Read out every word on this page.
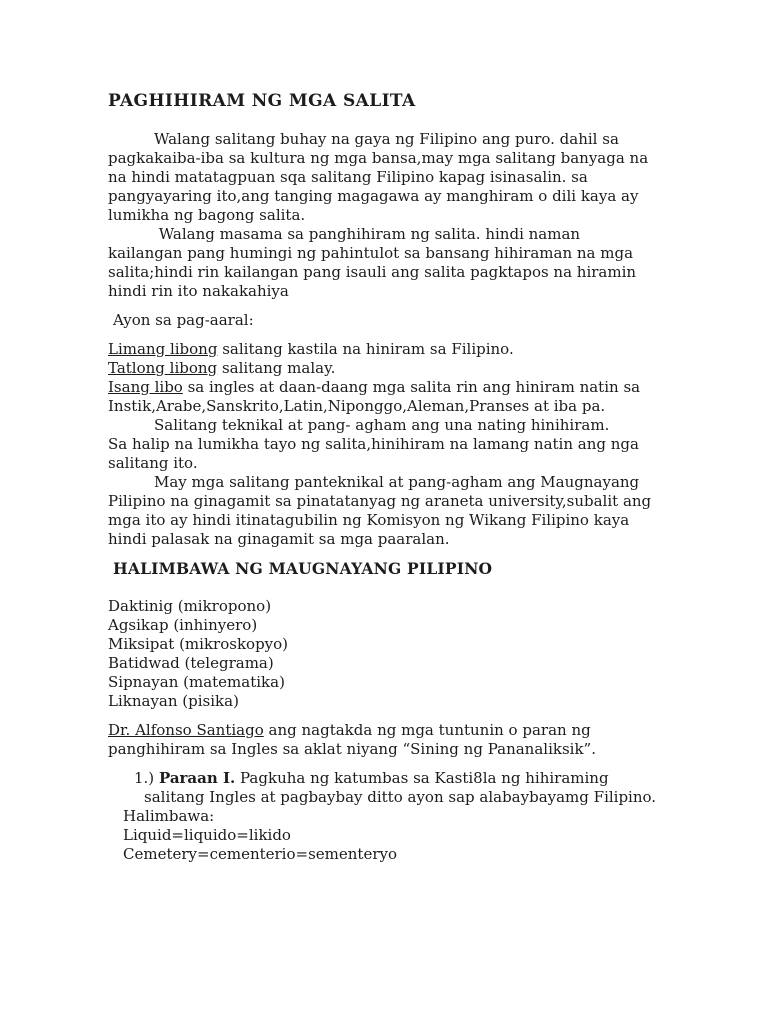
PAGHIHIRAM NG MGA SALITA
Walang salitang buhay na gaya ng Filipino ang puro. dahil sa
pagkakaiba-iba sa kultura ng mga bansa,may mga salitang banyaga na
na hindi matatagpuan sqa salitang Filipino kapag isinasalin. sa
pangyayaring ito,ang tanging magagawa ay manghiram o dili kaya ay
lumikha ng bagong salita.
Walang masama sa panghihiram ng salita. hindi naman
kailangan pang humingi ng pahintulot sa bansang hihiraman na mga
salita;hindi rin kailangan pang isauli ang salita pagktapos na hiramin
hindi rin ito nakakahiya
Ayon sa pag-aaral:
Limang libong salitang kastila na hiniram sa Filipino.
Tatlong libong salitang malay.
Isang libo sa ingles at daan-daang mga salita rin ang hiniram natin sa
Instik,Arabe,Sanskrito,Latin,Niponggo,Aleman,Pranses at iba pa.
Salitang teknikal at pang- agham ang una nating hinihiram.
Sa halip na lumikha tayo ng salita,hinihiram na lamang natin ang nga
salitang ito.
May mga salitang panteknikal at pang-agham ang Maugnayang
Pilipino na ginagamit sa pinatatanyag ng araneta university,subalit ang
mga ito ay hindi itinatagubilin ng Komisyon ng Wikang Filipino kaya
hindi palasak na ginagamit sa mga paaralan.
HALIMBAWA NG MAUGNAYANG PILIPINO
Daktinig (mikropono)
Agsikap (inhinyero)
Miksipat (mikroskopyo)
Batidwad (telegrama)
Sipnayan (matematika)
Liknayan (pisika)
Dr. Alfonso Santiago ang nagtakda ng mga tuntunin o paran ng
panghihiram sa Ingles sa aklat niyang “Sining ng Pananaliksik”.
1.) Paraan I. Pagkuha ng katumbas sa Kasti8la ng hihiraming
salitang Ingles at pagbaybay ditto ayon sap alabaybayamg Filipino.
Halimbawa:
Liquid=liquido=likido
Cemetery=cementerio=sementeryo
